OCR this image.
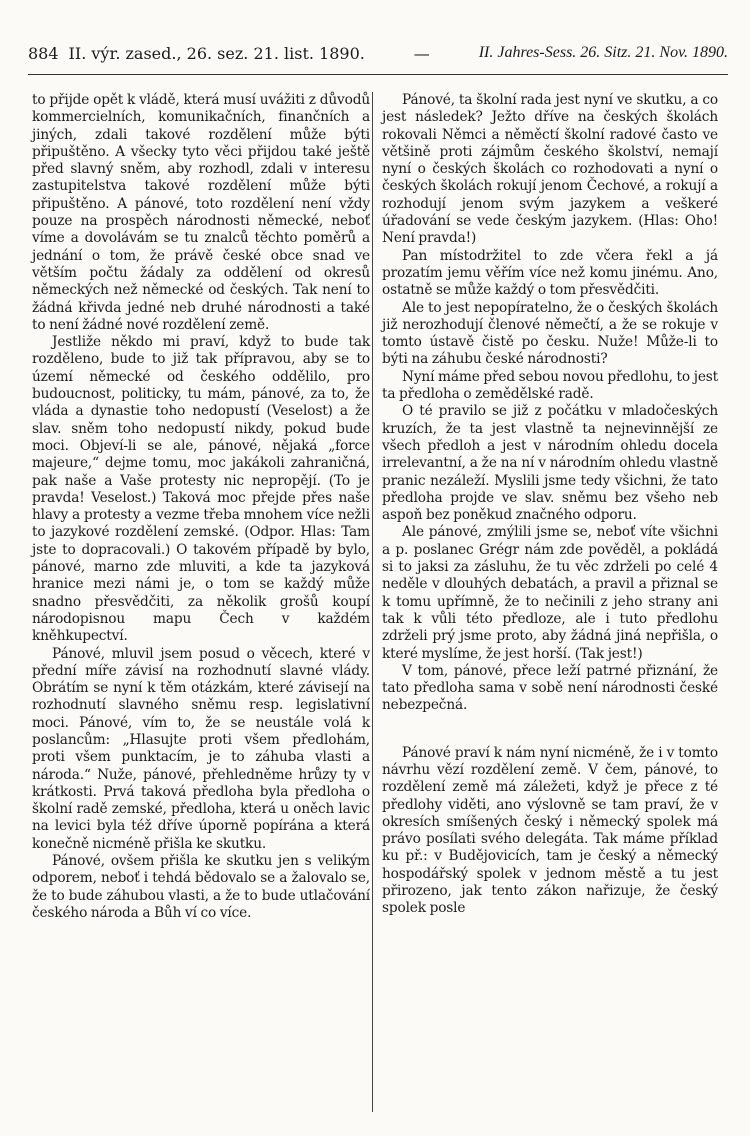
884 II. výr. zased., 26. sez. 21. list. 1890.	—	II. Jahres-Sess. 26. Sitz. 21. Nov. 1890.

to přijde opět k vládě, která musí uvážiti z důvodů kommercielních, komunikačních, finančních a jiných, zdali takové rozdělení může býti připuštěno. A všecky tyto věci přijdou také ještě před slavný sněm, aby rozhodl, zdali v interesu zastupitelstva takové rozdělení může býti připuštěno. A pánové, toto rozdělení není vždy pouze na prospěch národnosti německé, neboť víme a dovolávám se tu znalců těchto poměrů a jednání o tom, že právě české obce snad ve větším počtu žádaly za oddělení od okresů německých než německé od českých. Tak není to žádná křivda jedné neb druhé národnosti a také to není žádné nové rozdělení země.

Jestliže někdo mi praví, když to bude tak rozděleno, bude to již tak přípravou, aby se to území německé od českého oddělilo, pro budoucnost, politicky, tu mám, pánové, za to, že vláda a dynastie toho nedopustí (Veselost) a že slav. sněm toho nedopustí nikdy, pokud bude moci. Objeví-li se ale, pánové, nějaká „force majeure,“ dejme tomu, moc jakákoli zahraničná, pak naše a Vaše protesty nic nepropějí. (To je pravda! Veselost.) Taková moc přejde přes naše hlavy a protesty a vezme třeba mnohem více nežli to jazykové rozdělení zemské. (Odpor. Hlas: Tam jste to dopracovali.) O takovém případě by bylo, pánové, marno zde mluviti, a kde ta jazyková hranice mezi námi je, o tom se každý může snadno přesvědčiti, za několik grošů koupí národopisnou mapu Čech v každém kněhkupectví.

Pánové, mluvil jsem posud o věcech, které v přední míře závisí na rozhodnutí slavné vlády. Obrátím se nyní k těm otázkám, které závisejí na rozhodnutí slavného sněmu resp. legislativní moci. Pánové, vím to, že se neustále volá k poslancům: „Hlasujte proti všem předlohám, proti všem punktacím, je to záhuba vlasti a národa.“ Nuže, pánové, přehledněme hrůzy ty v krátkosti. Prvá taková předloha byla předloha o školní radě zemské, předloha, která u oněch lavic na levici byla též dříve úporně popírána a která konečně nicméně přišla ke skutku.

Pánové, ovšem přišla ke skutku jen s velikým odporem, neboť i tehdá bědovalo se a žalovalo se, že to bude záhubou vlasti, a že to bude utlačování českého národa a Bůh ví co více.

Pánové, ta školní rada jest nyní ve skutku, a co jest následek? Ježto dříve na českých školách rokovali Němci a něměctí školní radové často ve většině proti zájmům českého školství, nemají nyní o českých školách co rozhodovati a nyní o českých školách rokují jenom Čechové, a rokují a rozhodují jenom svým jazykem a veškeré úřadování se vede českým jazykem. (Hlas: Oho! Není pravda!)

Pan místodržitel to zde včera řekl a já prozatím jemu věřím více než komu jinému. Ano, ostatně se může každý o tom přesvědčiti.

Ale to jest nepopíratelno, že o českých školách již nerozhodují členové němečtí, a že se rokuje v tomto ústavě čistě po česku. Nuže! Může-li to býti na záhubu české národnosti?

Nyní máme před sebou novou předlohu, to jest ta předloha o zemědělské radě.

O té pravilo se již z počátku v mladočeských kruzích, že ta jest vlastně ta nejnevinnější ze všech předloh a jest v národním ohledu docela irrelevantní, a že na ní v národním ohledu vlastně pranic nezáleží. Myslili jsme tedy všichni, že tato předloha projde ve slav. sněmu bez všeho neb aspoň bez poněkud značného odporu.

Ale pánové, zmýlili jsme se, neboť víte všichni a p. poslanec Grégr nám zde pověděl, a pokládá si to jaksi za zásluhu, že tu věc zdrželi po celé 4 neděle v dlouhých debatách, a pravil a přiznal se k tomu upřímně, že to nečinili z jeho strany ani tak k vůli této předloze, ale i tuto předlohu zdrželi prý jsme proto, aby žádná jiná nepřišla, o které myslíme, že jest horší. (Tak jest!)

V tom, pánové, přece leží patrné přiznání, že tato předloha sama v sobě není národnosti české nebezpečná.

Pánové praví k nám nyní nicméně, že i v tomto návrhu vězí rozdělení země. V čem, pánové, to rozdělení země má záležeti, když je přece z té předlohy viděti, ano výslovně se tam praví, že v okresích smíšených český i německý spolek má právo posílati svého delegáta. Tak máme příklad ku př.: v Budějovicích, tam je český a německý hospodářský spolek v jednom městě a tu jest přirozeno, jak tento zákon nařizuje, že český spolek posle
